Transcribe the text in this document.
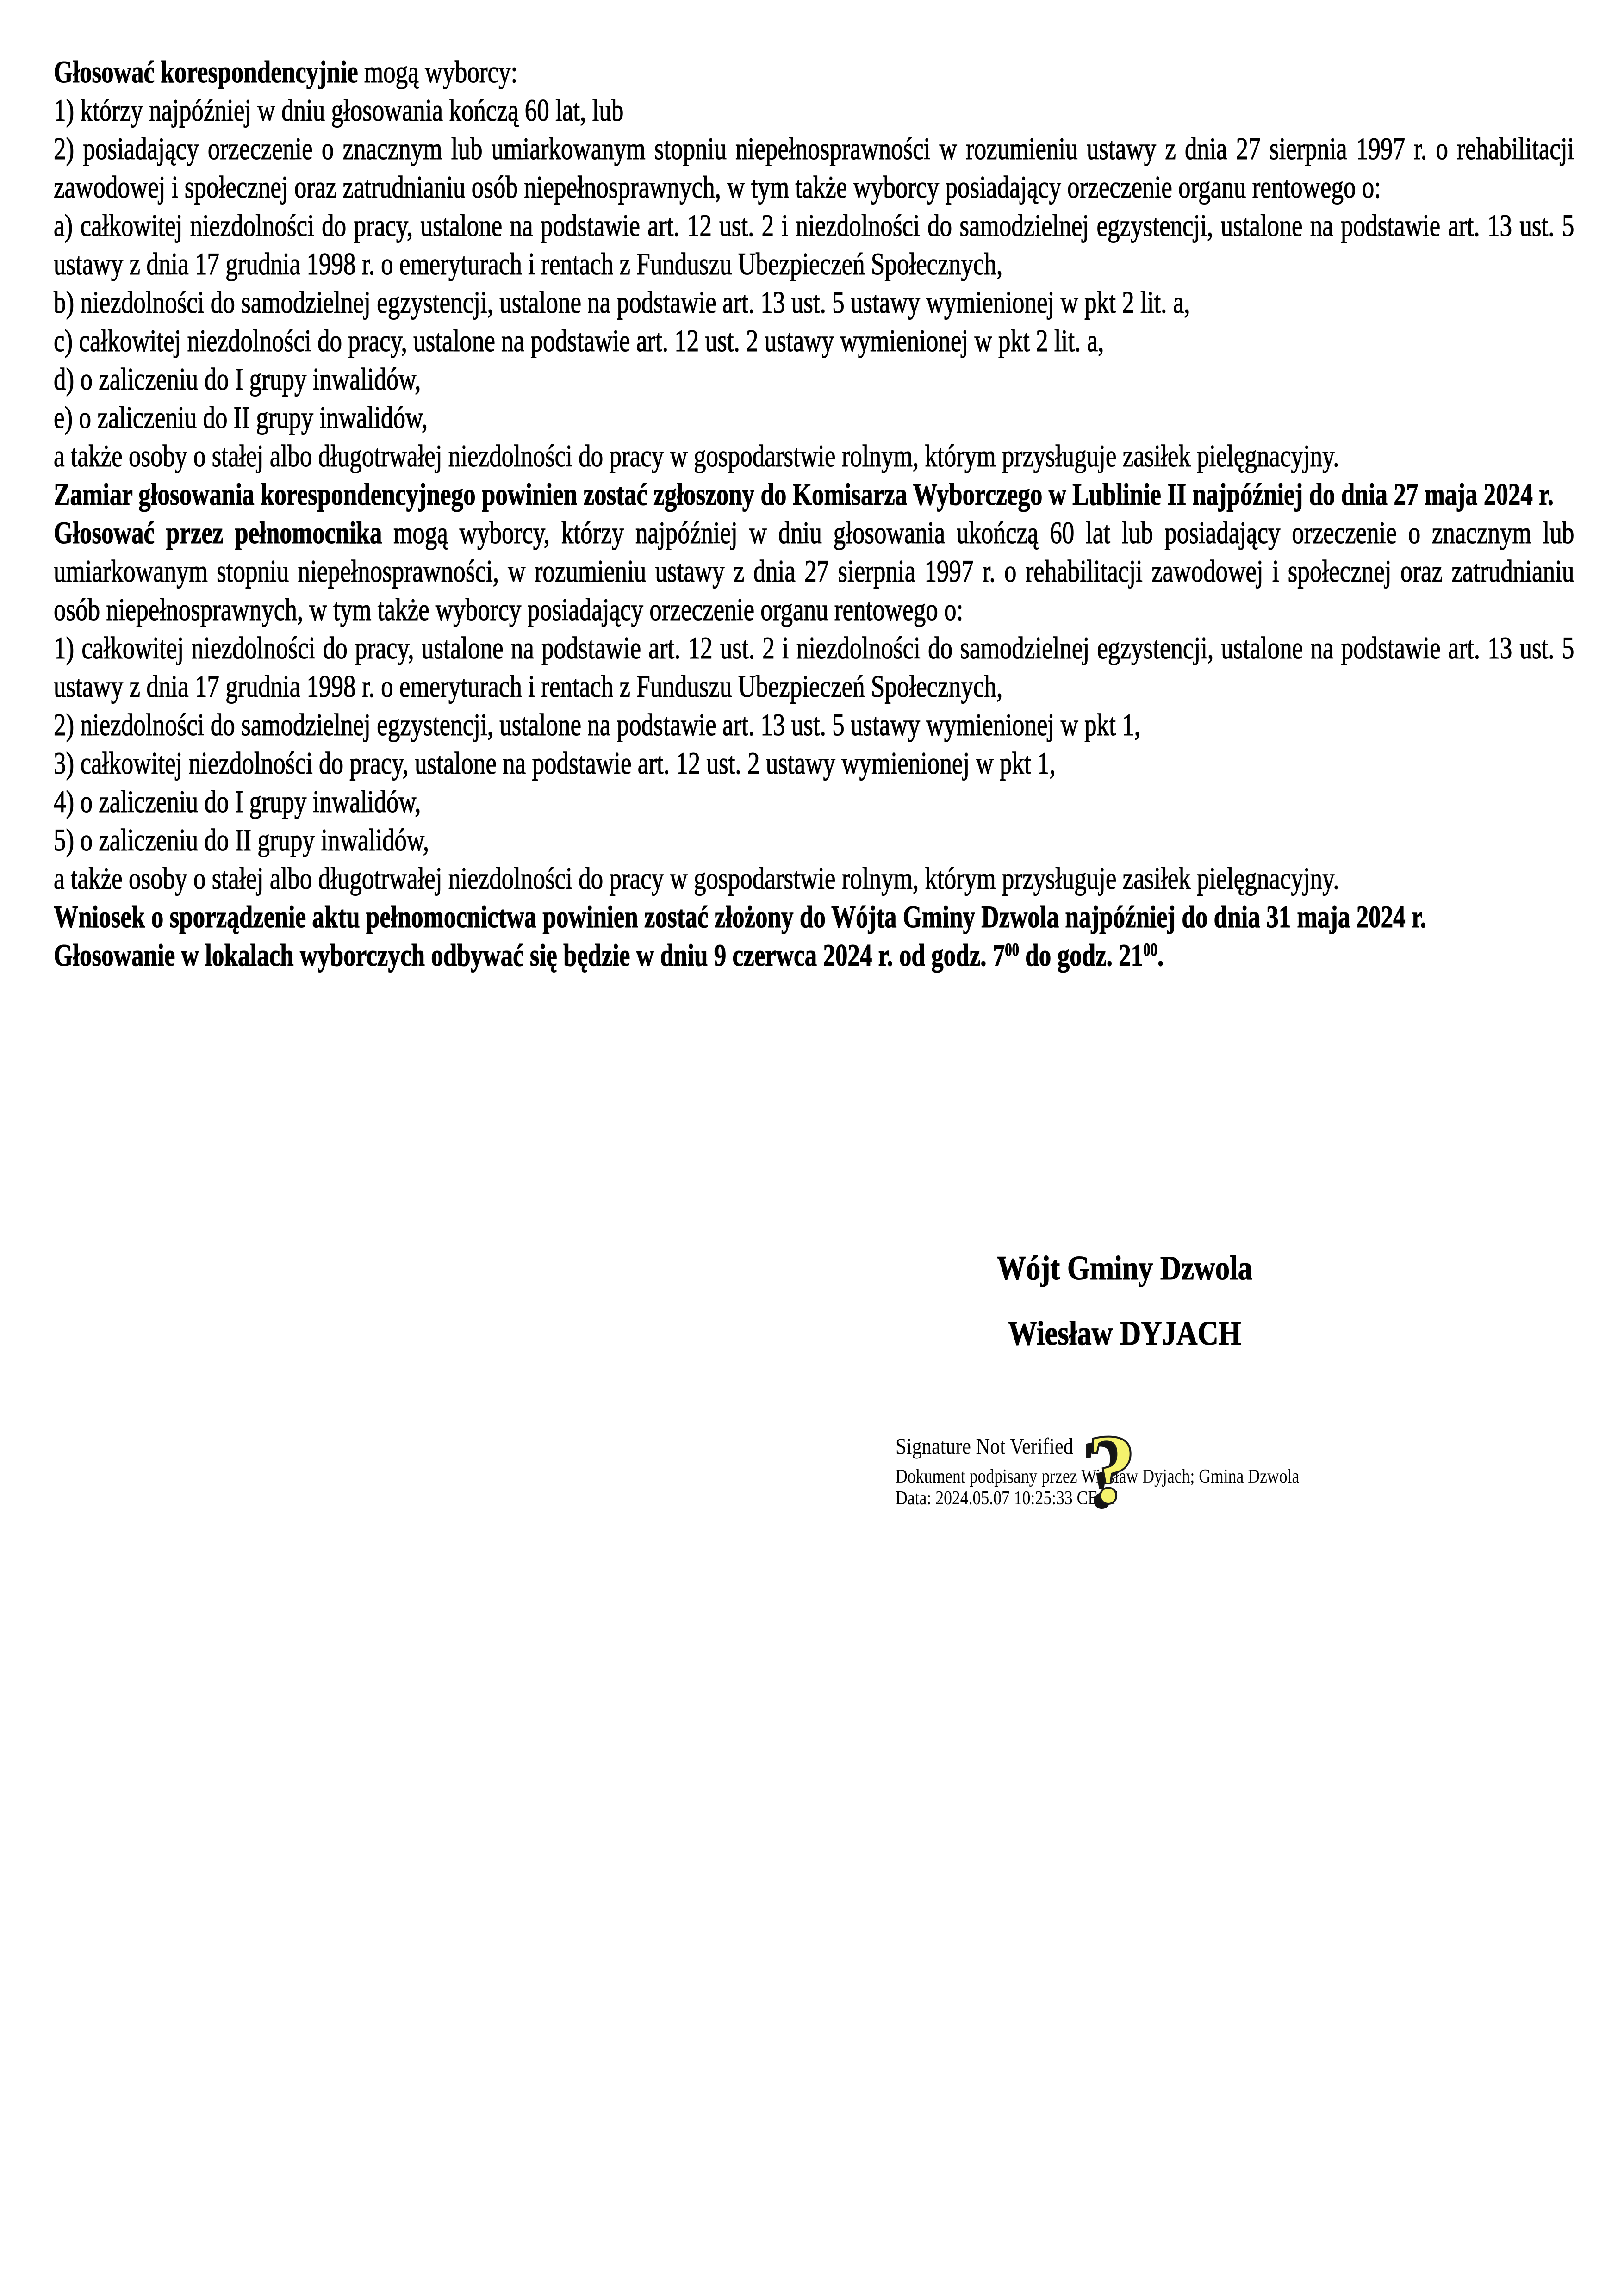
Głosować korespondencyjnie mogą wyborcy:

1) którzy najpóźniej w dniu głosowania kończą 60 lat, lub

2) posiadający orzeczenie o znacznym lub umiarkowanym stopniu niepełnosprawności w rozumieniu ustawy z dnia 27 sierpnia 1997 r. o rehabilitacji zawodowej i społecznej oraz zatrudnianiu osób niepełnosprawnych, w tym także wyborcy posiadający orzeczenie organu rentowego o:

a) całkowitej niezdolności do pracy, ustalone na podstawie art. 12 ust. 2 i niezdolności do samodzielnej egzystencji, ustalone na podstawie art. 13 ust. 5 ustawy z dnia 17 grudnia 1998 r. o emeryturach i rentach z Funduszu Ubezpieczeń Społecznych,

b) niezdolności do samodzielnej egzystencji, ustalone na podstawie art. 13 ust. 5 ustawy wymienionej w pkt 2 lit. a,

c) całkowitej niezdolności do pracy, ustalone na podstawie art. 12 ust. 2 ustawy wymienionej w pkt 2 lit. a,

d) o zaliczeniu do I grupy inwalidów,

e) o zaliczeniu do II grupy inwalidów,

a także osoby o stałej albo długotrwałej niezdolności do pracy w gospodarstwie rolnym, którym przysługuje zasiłek pielęgnacyjny.

Zamiar głosowania korespondencyjnego powinien zostać zgłoszony do Komisarza Wyborczego w Lublinie II najpóźniej do dnia 27 maja 2024 r.

Głosować przez pełnomocnika mogą wyborcy, którzy najpóźniej w dniu głosowania ukończą 60 lat lub posiadający orzeczenie o znacznym lub umiarkowanym stopniu niepełnosprawności, w rozumieniu ustawy z dnia 27 sierpnia 1997 r. o rehabilitacji zawodowej i społecznej oraz zatrudnianiu osób niepełnosprawnych, w tym także wyborcy posiadający orzeczenie organu rentowego o:

1) całkowitej niezdolności do pracy, ustalone na podstawie art. 12 ust. 2 i niezdolności do samodzielnej egzystencji, ustalone na podstawie art. 13 ust. 5 ustawy z dnia 17 grudnia 1998 r. o emeryturach i rentach z Funduszu Ubezpieczeń Społecznych,

2) niezdolności do samodzielnej egzystencji, ustalone na podstawie art. 13 ust. 5 ustawy wymienionej w pkt 1,

3) całkowitej niezdolności do pracy, ustalone na podstawie art. 12 ust. 2 ustawy wymienionej w pkt 1,

4) o zaliczeniu do I grupy inwalidów,

5) o zaliczeniu do II grupy inwalidów,

a także osoby o stałej albo długotrwałej niezdolności do pracy w gospodarstwie rolnym, którym przysługuje zasiłek pielęgnacyjny.

Wniosek o sporządzenie aktu pełnomocnictwa powinien zostać złożony do Wójta Gminy Dzwola najpóźniej do dnia 31 maja 2024 r.

Głosowanie w lokalach wyborczych odbywać się będzie w dniu 9 czerwca 2024 r. od godz. $7^{00}$ do godz. $21^{00}$.

Wójt Gminy Dzwola
Wiesław DYJACH
Signature Not Verified
Dokument podpisany przez Wiesław Dyjach; Gmina Dzwola
Data: 2024.05.07 10:25:33 CEST
?
